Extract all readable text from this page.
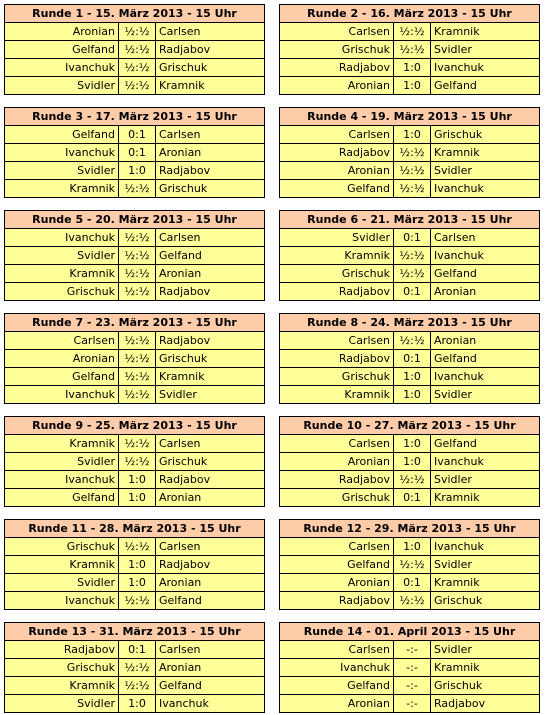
Runde 1 - 15. März 2013 - 15 Uhr
Aronian ½:½ Carlsen
Gelfand ½:½ Radjabov
Ivanchuk ½:½ Grischuk
Svidler ½:½ Kramnik
Runde 2 - 16. März 2013 - 15 Uhr
Carlsen ½:½ Kramnik
Grischuk ½:½ Svidler
Radjabov	1:0	Ivanchuk
Aronian	1:0	Gelfand
Runde 3 - 17. März 2013 - 15 Uhr
Gelfand	0:1	Carlsen
Ivanchuk	0:1	Aronian
Svidler	1:0	Radjabov
Kramnik ½:½ Grischuk
Runde 4 - 19. März 2013 - 15 Uhr
Carlsen	1:0	Grischuk
Radjabov ½:½ Kramnik
Aronian ½:½ Svidler
Gelfand ½:½ Ivanchuk
Runde 5 - 20. März 2013 - 15 Uhr
Ivanchuk ½:½ Carlsen
Svidler ½:½ Gelfand
Kramnik ½:½ Aronian
Grischuk ½:½ Radjabov
Runde 6 - 21. März 2013 - 15 Uhr
Svidler	0:1	Carlsen
Kramnik ½:½ Ivanchuk
Grischuk ½:½ Gelfand
Radjabov	0:1	Aronian
Runde 7 - 23. März 2013 - 15 Uhr
Carlsen ½:½ Radjabov
Aronian ½:½ Grischuk
Gelfand ½:½ Kramnik
Ivanchuk ½:½ Svidler
Runde 8 - 24. März 2013 - 15 Uhr
Carlsen ½:½ Aronian
Radjabov	0:1	Gelfand
Grischuk	1:0	Ivanchuk
Kramnik	1:0	Svidler
Runde 9 - 25. März 2013 - 15 Uhr
Kramnik ½:½ Carlsen
Svidler ½:½ Grischuk
Ivanchuk	1:0	Radjabov
Gelfand	1:0	Aronian
Runde 10 - 27. März 2013 - 15 Uhr
Carlsen	1:0	Gelfand
Aronian	1:0	Ivanchuk
Radjabov ½:½ Svidler
Grischuk	0:1	Kramnik
Runde 11 - 28. März 2013 - 15 Uhr
Grischuk ½:½ Carlsen
Kramnik	1:0	Radjabov
Svidler	1:0	Aronian
Ivanchuk ½:½ Gelfand
Runde 12 - 29. März 2013 - 15 Uhr
Carlsen	1:0	Ivanchuk
Gelfand ½:½ Svidler
Aronian	0:1	Kramnik
Radjabov ½:½ Grischuk
Runde 13 - 31. März 2013 - 15 Uhr
Radjabov	0:1	Carlsen
Grischuk ½:½ Aronian
Kramnik ½:½ Gelfand
Svidler	1:0	Ivanchuk
Runde 14 - 01. April 2013 - 15 Uhr
Carlsen	-:-	Svidler
Ivanchuk	-:-	Kramnik
Gelfand	-:-	Grischuk
Aronian	-:-	Radjabov
